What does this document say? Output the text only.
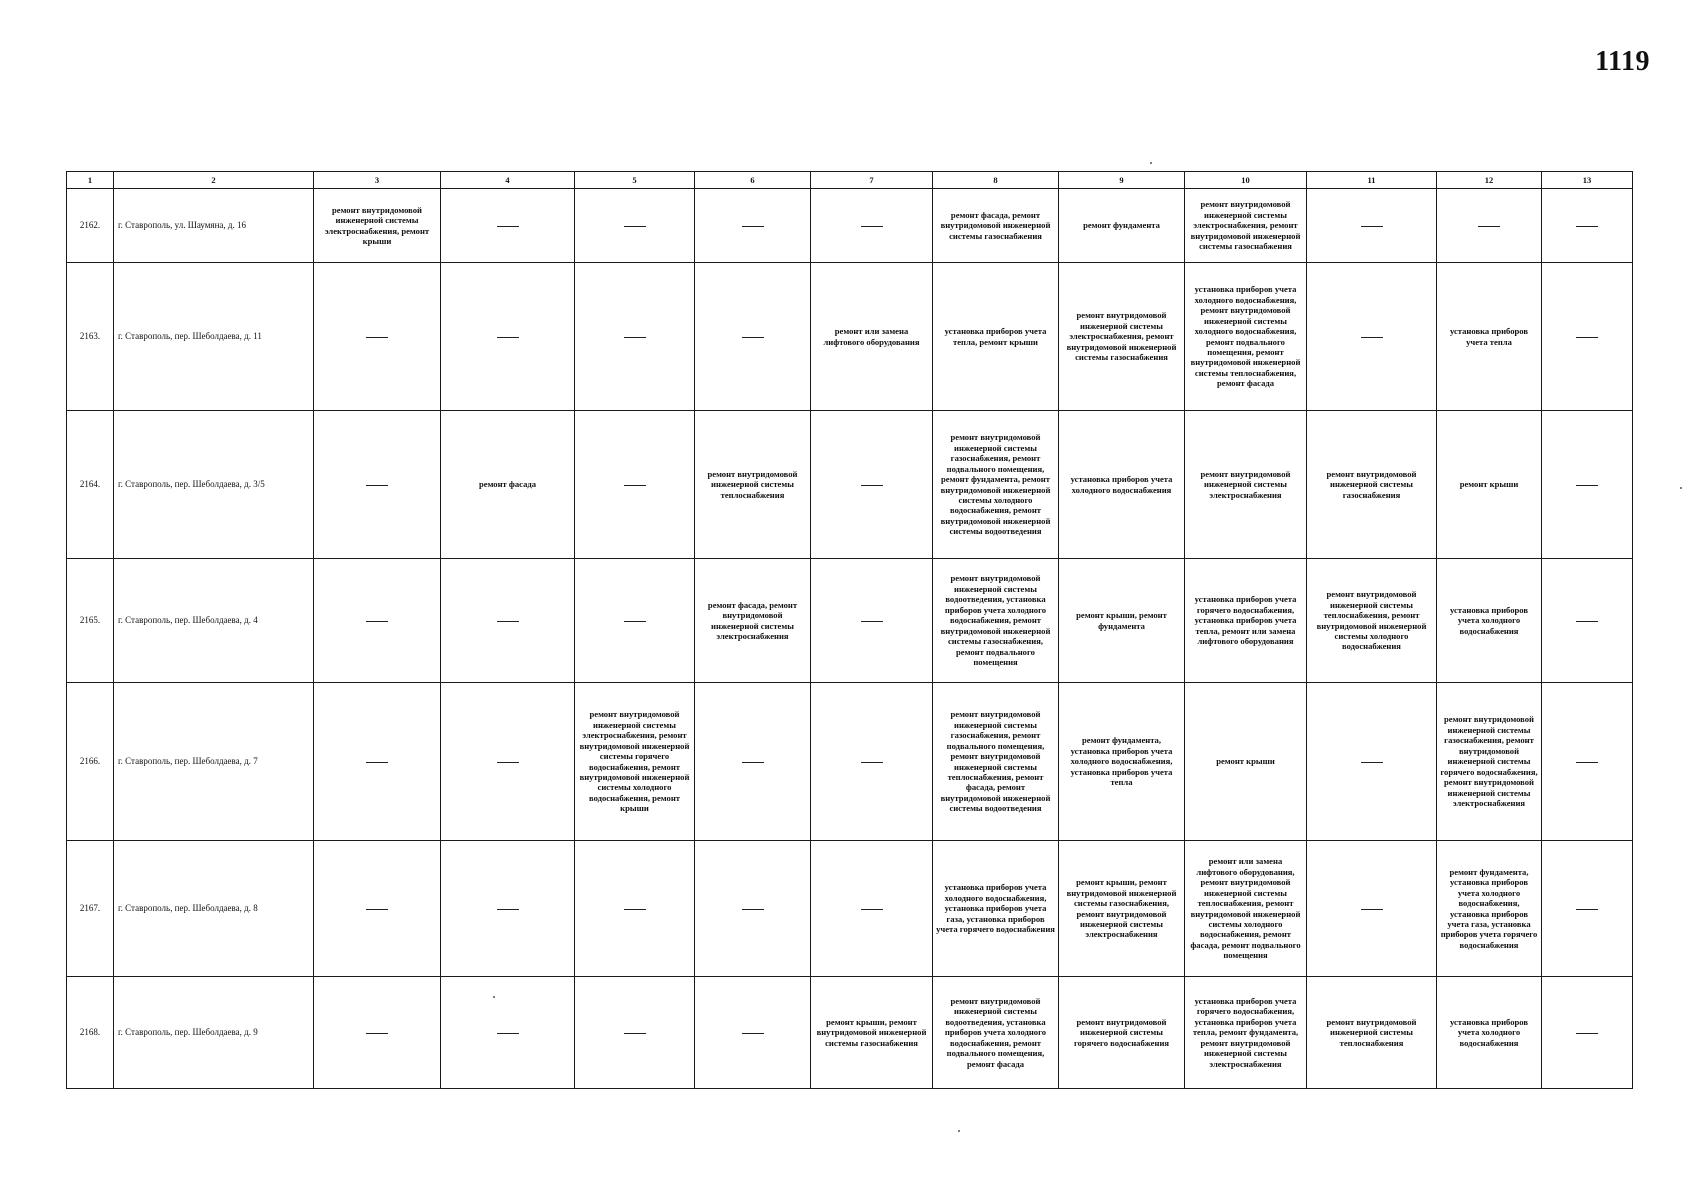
1119
1	2	3	4	5	6	7	8	9	10	11	12	13
2162.	г. Ставрополь, ул. Шаумяна, д. 16	ремонт внутридомовой инженерной системы электроснабжения, ремонт крыши					ремонт фасада, ремонт внутридомовой инженерной системы газоснабжения	ремонт фундамента	ремонт внутридомовой инженерной системы электроснабжения, ремонт внутридомовой инженерной системы газоснабжения			
2163.	г. Ставрополь, пер. Шеболдаева, д. 11					ремонт или замена лифтового оборудования	установка приборов учета тепла, ремонт крыши	ремонт внутридомовой инженерной системы электроснабжения, ремонт внутридомовой инженерной системы газоснабжения	установка приборов учета холодного водоснабжения, ремонт внутридомовой инженерной системы холодного водоснабжения, ремонт подвального помещения, ремонт внутридомовой инженерной системы теплоснабжения, ремонт фасада		установка приборов учета тепла	
2164.	г. Ставрополь, пер. Шеболдаева, д. 3/5		ремонт фасада		ремонт внутридомовой инженерной системы теплоснабжения		ремонт внутридомовой инженерной системы газоснабжения, ремонт подвального помещения, ремонт фундамента, ремонт внутридомовой инженерной системы холодного водоснабжения, ремонт внутридомовой инженерной системы водоотведения	установка приборов учета холодного водоснабжения	ремонт внутридомовой инженерной системы электроснабжения	ремонт внутридомовой инженерной системы газоснабжения	ремонт крыши	
2165.	г. Ставрополь, пер. Шеболдаева, д. 4				ремонт фасада, ремонт внутридомовой инженерной системы электроснабжения		ремонт внутридомовой инженерной системы водоотведения, установка приборов учета холодного водоснабжения, ремонт внутридомовой инженерной системы газоснабжения, ремонт подвального помещения	ремонт крыши, ремонт фундамента	установка приборов учета горячего водоснабжения, установка приборов учета тепла, ремонт или замена лифтового оборудования	ремонт внутридомовой инженерной системы теплоснабжения, ремонт внутридомовой инженерной системы холодного водоснабжения	установка приборов учета холодного водоснабжения	
2166.	г. Ставрополь, пер. Шеболдаева, д. 7			ремонт внутридомовой инженерной системы электроснабжения, ремонт внутридомовой инженерной системы горячего водоснабжения, ремонт внутридомовой инженерной системы холодного водоснабжения, ремонт крыши			ремонт внутридомовой инженерной системы газоснабжения, ремонт подвального помещения, ремонт внутридомовой инженерной системы теплоснабжения, ремонт фасада, ремонт внутридомовой инженерной системы водоотведения	ремонт фундамента, установка приборов учета холодного водоснабжения, установка приборов учета тепла	ремонт крыши		ремонт внутридомовой инженерной системы газоснабжения, ремонт внутридомовой инженерной системы горячего водоснабжения, ремонт внутридомовой инженерной системы электроснабжения	
2167.	г. Ставрополь, пер. Шеболдаева, д. 8						установка приборов учета холодного водоснабжения, установка приборов учета газа, установка приборов учета горячего водоснабжения	ремонт крыши, ремонт внутридомовой инженерной системы газоснабжения, ремонт внутридомовой инженерной системы электроснабжения	ремонт или замена лифтового оборудования, ремонт внутридомовой инженерной системы теплоснабжения, ремонт внутридомовой инженерной системы холодного водоснабжения, ремонт фасада, ремонт подвального помещения		ремонт фундамента, установка приборов учета холодного водоснабжения, установка приборов учета газа, установка приборов учета горячего водоснабжения	
2168.	г. Ставрополь, пер. Шеболдаева, д. 9					ремонт крыши, ремонт внутридомовой инженерной системы газоснабжения	ремонт внутридомовой инженерной системы водоотведения, установка приборов учета холодного водоснабжения, ремонт подвального помещения, ремонт фасада	ремонт внутридомовой инженерной системы горячего водоснабжения	установка приборов учета горячего водоснабжения, установка приборов учета тепла, ремонт фундамента, ремонт внутридомовой инженерной системы электроснабжения	ремонт внутридомовой инженерной системы теплоснабжения	установка приборов учета холодного водоснабжения	
